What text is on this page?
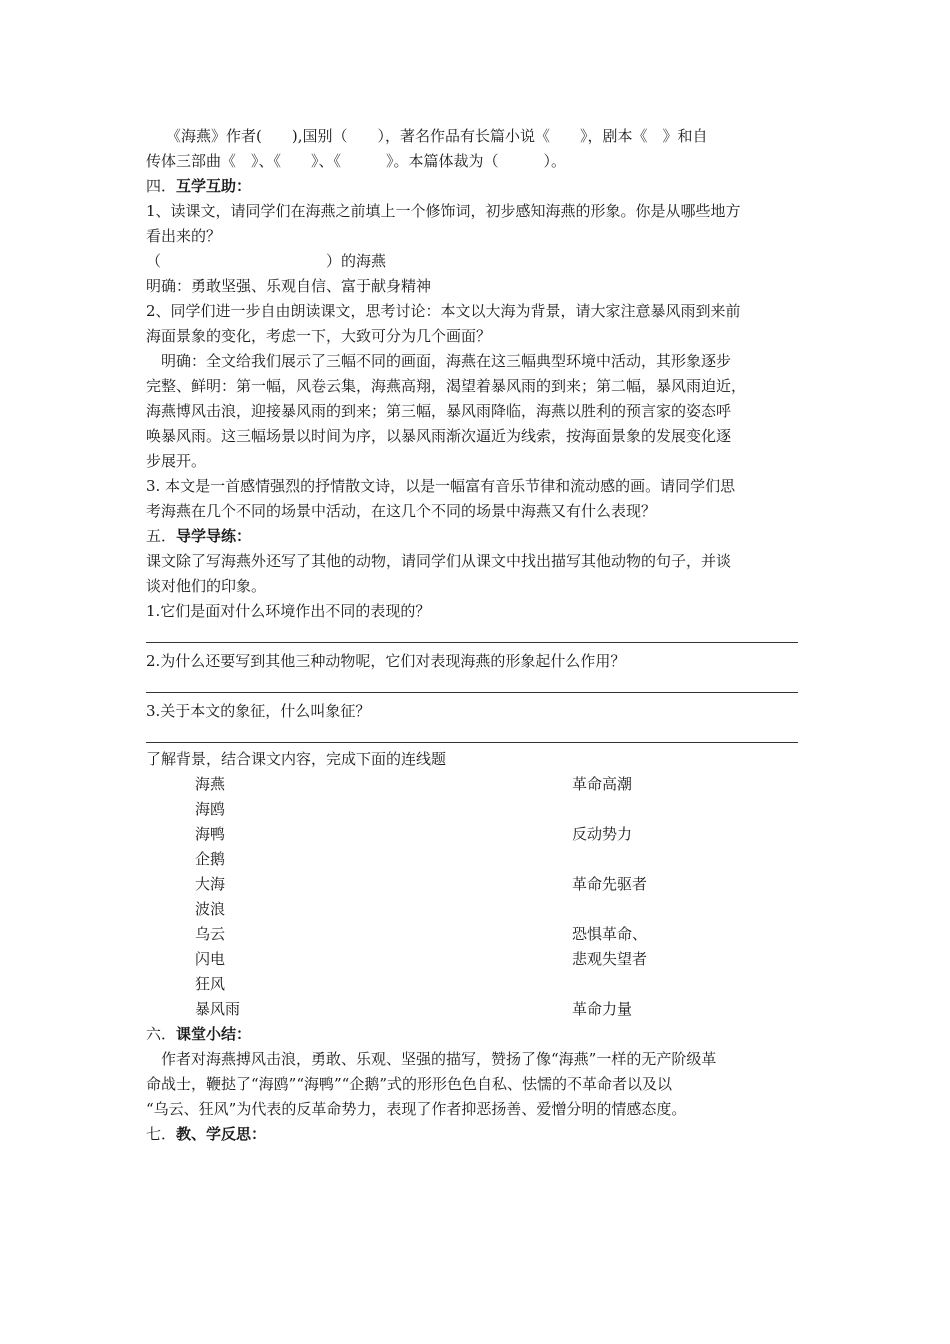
《海燕》作者(　　),国别（　　），著名作品有长篇小说《　　》，剧本《　》和自
传体三部曲《　》、《　　》、《　　　》。本篇体裁为（　　　）。
四．互学互助：
1、读课文，请同学们在海燕之前填上一个修饰词，初步感知海燕的形象。你是从哪些地方
看出来的？
（　　　　　　　　　　　）的海燕
明确：勇敢坚强、乐观自信、富于献身精神
2、同学们进一步自由朗读课文，思考讨论：本文以大海为背景，请大家注意暴风雨到来前
海面景象的变化，考虑一下，大致可分为几个画面？
　明确：全文给我们展示了三幅不同的画面，海燕在这三幅典型环境中活动，其形象逐步
完整、鲜明：第一幅，风卷云集，海燕高翔，渴望着暴风雨的到来；第二幅，暴风雨迫近，
海燕博风击浪，迎接暴风雨的到来；第三幅，暴风雨降临，海燕以胜利的预言家的姿态呼
唤暴风雨。这三幅场景以时间为序，以暴风雨渐次逼近为线索，按海面景象的发展变化逐
步展开。
3. 本文是一首感情强烈的抒情散文诗，以是一幅富有音乐节律和流动感的画。请同学们思
考海燕在几个不同的场景中活动，在这几个不同的场景中海燕又有什么表现？
五．导学导练：
课文除了写海燕外还写了其他的动物，请同学们从课文中找出描写其他动物的句子，并谈
谈对他们的印象。
1.它们是面对什么环境作出不同的表现的？
2.为什么还要写到其他三种动物呢，它们对表现海燕的形象起什么作用？
3.关于本文的象征，什么叫象征？
了解背景，结合课文内容，完成下面的连线题
海燕
海鸥
海鸭
企鹅
大海
波浪
乌云
闪电
狂风
暴风雨
革命高潮
反动势力
革命先驱者
恐惧革命、
悲观失望者
革命力量
六．课堂小结：
　作者对海燕搏风击浪，勇敢、乐观、坚强的描写，赞扬了像“海燕”一样的无产阶级革
命战士，鞭挞了“海鸥”“海鸭”“企鹅”式的形形色色自私、怯懦的不革命者以及以
“乌云、狂风”为代表的反革命势力，表现了作者抑恶扬善、爱憎分明的情感态度。
七．教、学反思：
